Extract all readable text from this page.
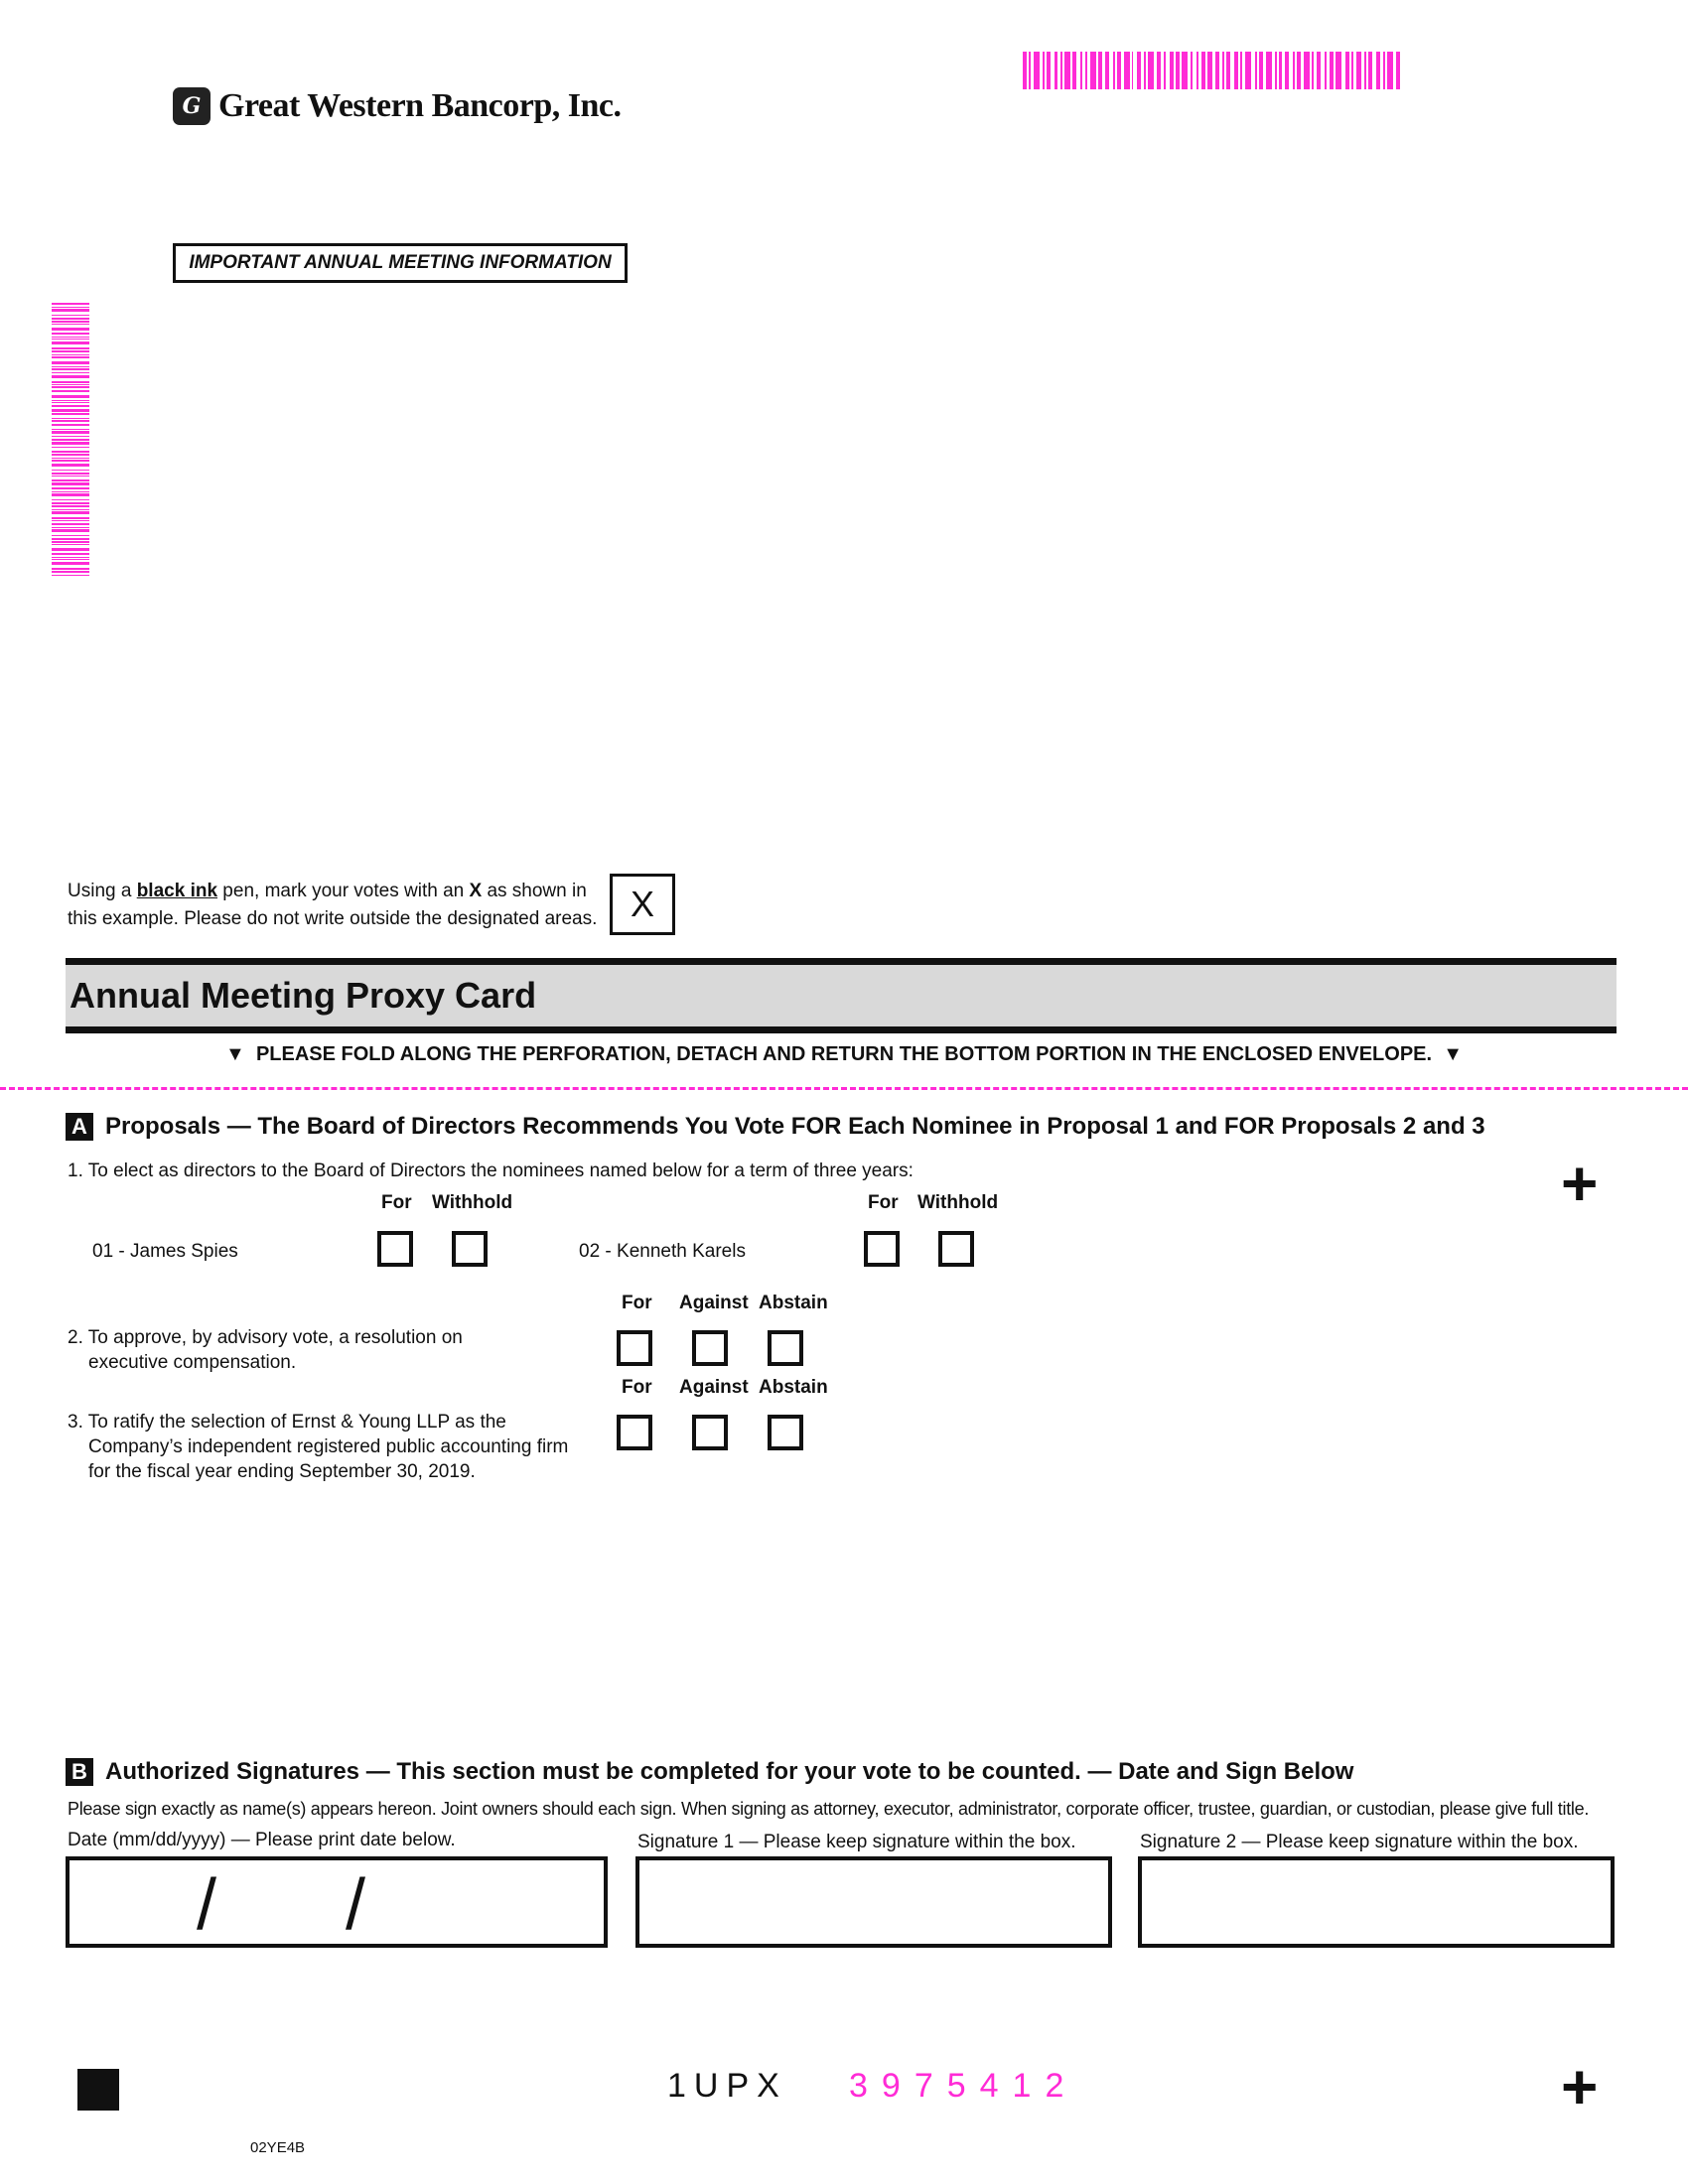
G Great Western Bancorp, Inc.
IMPORTANT ANNUAL MEETING INFORMATION
Using a black ink pen, mark your votes with an X as shown in this example. Please do not write outside the designated areas. X
Annual Meeting Proxy Card
▼ PLEASE FOLD ALONG THE PERFORATION, DETACH AND RETURN THE BOTTOM PORTION IN THE ENCLOSED ENVELOPE. ▼
A Proposals — The Board of Directors Recommends You Vote FOR Each Nominee in Proposal 1 and FOR Proposals 2 and 3
1. To elect as directors to the Board of Directors the nominees named below for a term of three years:	+
For Withhold	For Withhold
01 - James Spies	02 - Kenneth Karels
For Against Abstain
2. To approve, by advisory vote, a resolution on
executive compensation.
For Against Abstain
3. To ratify the selection of Ernst & Young LLP as the
Company’s independent registered public accounting firm
for the fiscal year ending September 30, 2019.
B Authorized Signatures — This section must be completed for your vote to be counted. — Date and Sign Below
Please sign exactly as name(s) appears hereon. Joint owners should each sign. When signing as attorney, executor, administrator, corporate officer, trustee, guardian, or custodian, please give full title.
Date (mm/dd/yyyy) — Please print date below.	Signature 1 — Please keep signature within the box.	Signature 2 — Please keep signature within the box.
/ /
1UPX 3975412	+
02YE4B
